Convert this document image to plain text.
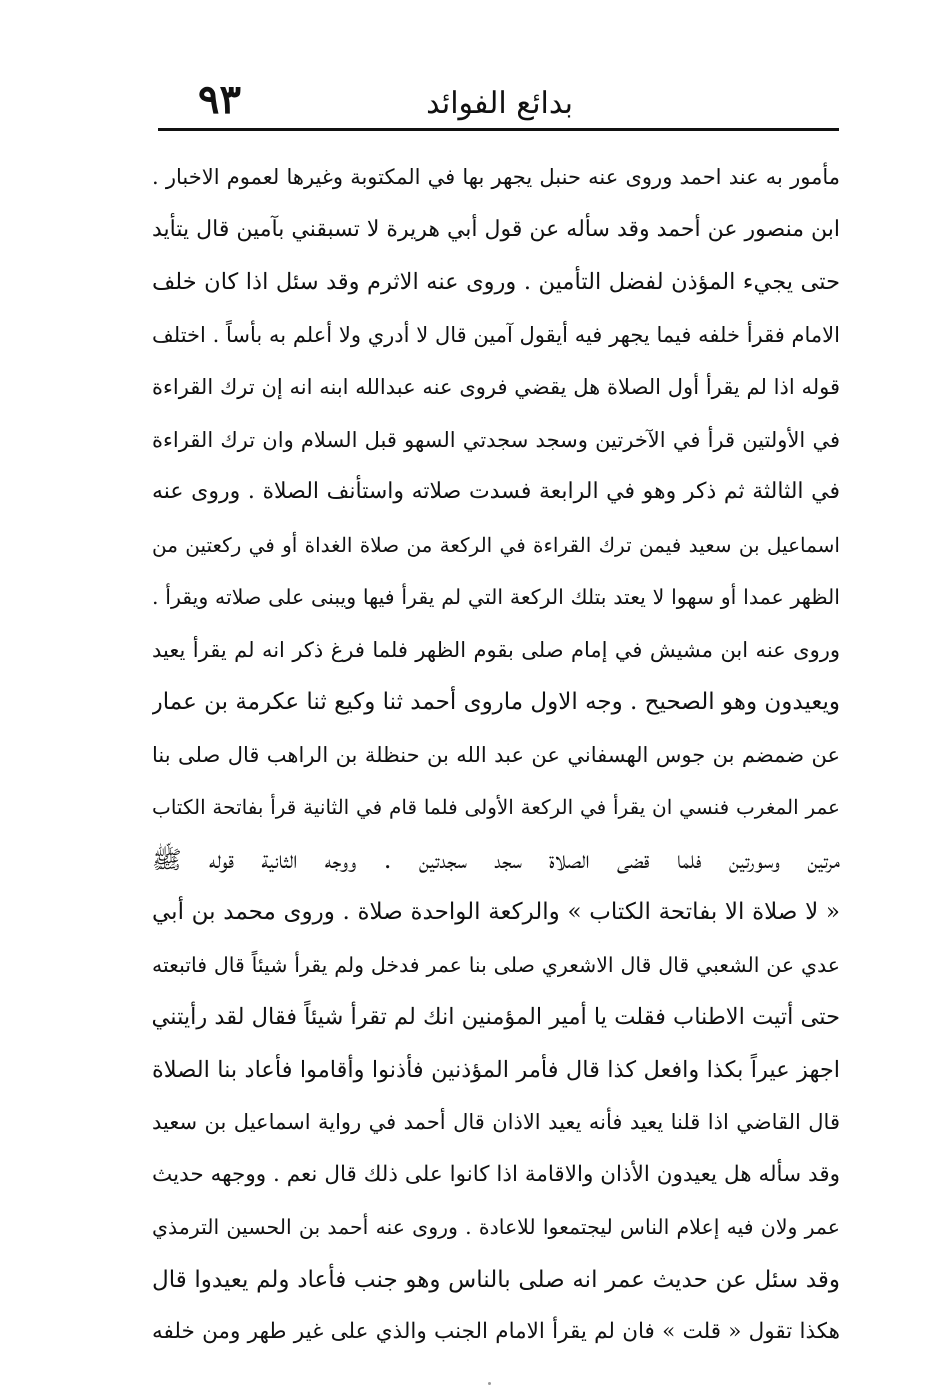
بدائع الفوائد
٩٣
مأمور به عند احمد وروى عنه حنبل يجهر بها في المكتوبة وغيرها لعموم الاخبار .
ابن منصور عن أحمد وقد سأله عن قول أبي هريرة لا تسبقني بآمين قال يتأيد
حتى يجيء المؤذن لفضل التأمين . وروى عنه الاثرم وقد سئل اذا كان خلف
الامام فقرأ خلفه فيما يجهر فيه أيقول آمين قال لا أدري ولا أعلم به بأساً . اختلف
قوله اذا لم يقرأ أول الصلاة هل يقضي فروى عنه عبدالله ابنه انه إن ترك القراءة
في الأولتين قرأ في الآخرتين وسجد سجدتي السهو قبل السلام وان ترك القراءة
في الثالثة ثم ذكر وهو في الرابعة فسدت صلاته واستأنف الصلاة . وروى عنه
اسماعيل بن سعيد فيمن ترك القراءة في الركعة من صلاة الغداة أو في ركعتين من
الظهر عمدا أو سهوا لا يعتد بتلك الركعة التي لم يقرأ فيها ويبنى على صلاته ويقرأ .
وروى عنه ابن مشيش في إمام صلى بقوم الظهر فلما فرغ ذكر انه لم يقرأ يعيد
ويعيدون وهو الصحيح . وجه الاول ماروى أحمد ثنا وكيع ثنا عكرمة بن عمار
عن ضمضم بن جوس الهسفاني عن عبد الله بن حنظلة بن الراهب قال صلى بنا
عمر المغرب فنسي ان يقرأ في الركعة الأولى فلما قام في الثانية قرأ بفاتحة الكتاب
مرتين وسورتين فلما قضى الصلاة سجد سجدتين . ووجه الثانية قوله ﷺ
« لا صلاة الا بفاتحة الكتاب » والركعة الواحدة صلاة . وروى محمد بن أبي
عدي عن الشعبي قال قال الاشعري صلى بنا عمر فدخل ولم يقرأ شيئاً قال فاتبعته
حتى أتيت الاطناب فقلت يا أمير المؤمنين انك لم تقرأ شيئاً فقال لقد رأيتني
اجهز عيراً بكذا وافعل كذا قال فأمر المؤذنين فأذنوا وأقاموا فأعاد بنا الصلاة
قال القاضي اذا قلنا يعيد فأنه يعيد الاذان قال أحمد في رواية اسماعيل بن سعيد
وقد سأله هل يعيدون الأذان والاقامة اذا كانوا على ذلك قال نعم . ووجهه حديث
عمر ولان فيه إعلام الناس ليجتمعوا للاعادة . وروى عنه أحمد بن الحسين الترمذي
وقد سئل عن حديث عمر انه صلى بالناس وهو جنب فأعاد ولم يعيدوا قال
هكذا تقول « قلت » فان لم يقرأ الامام الجنب والذي على غير طهر ومن خلفه
